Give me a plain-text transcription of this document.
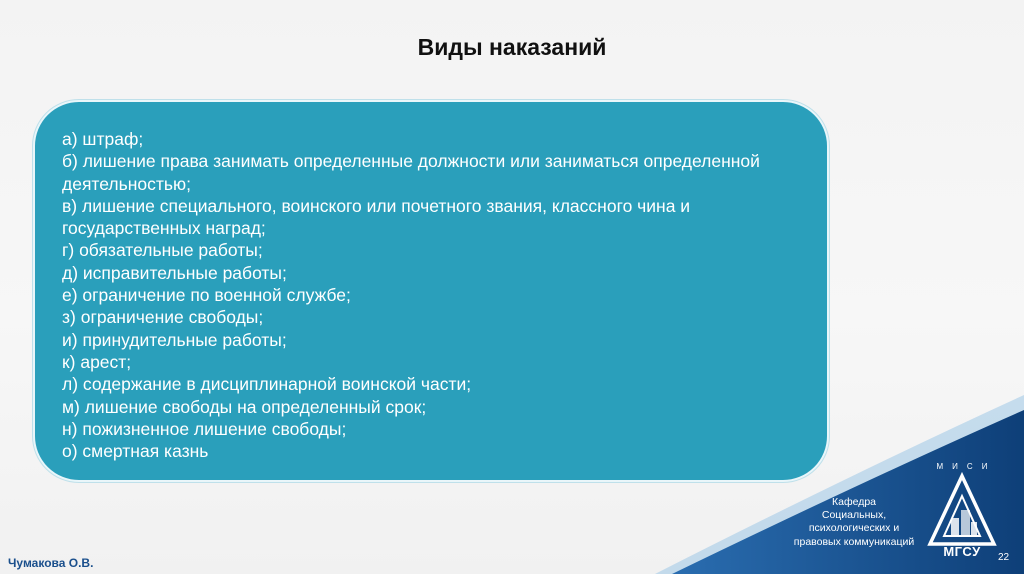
Виды наказаний
а) штраф;
б) лишение права занимать определенные должности или заниматься определенной деятельностью;
в) лишение специального, воинского или почетного звания, классного чина и государственных наград;
г) обязательные работы;
д) исправительные работы;
е) ограничение по военной службе;
з) ограничение свободы;
и) принудительные работы;
к) арест;
л) содержание в дисциплинарной воинской части;
м) лишение свободы на определенный срок;
н) пожизненное лишение свободы;
о) смертная казнь
Кафедра
Социальных,
психологических и
правовых коммуникаций
МИСИ
МГСУ	22
Чумакова О.В.
